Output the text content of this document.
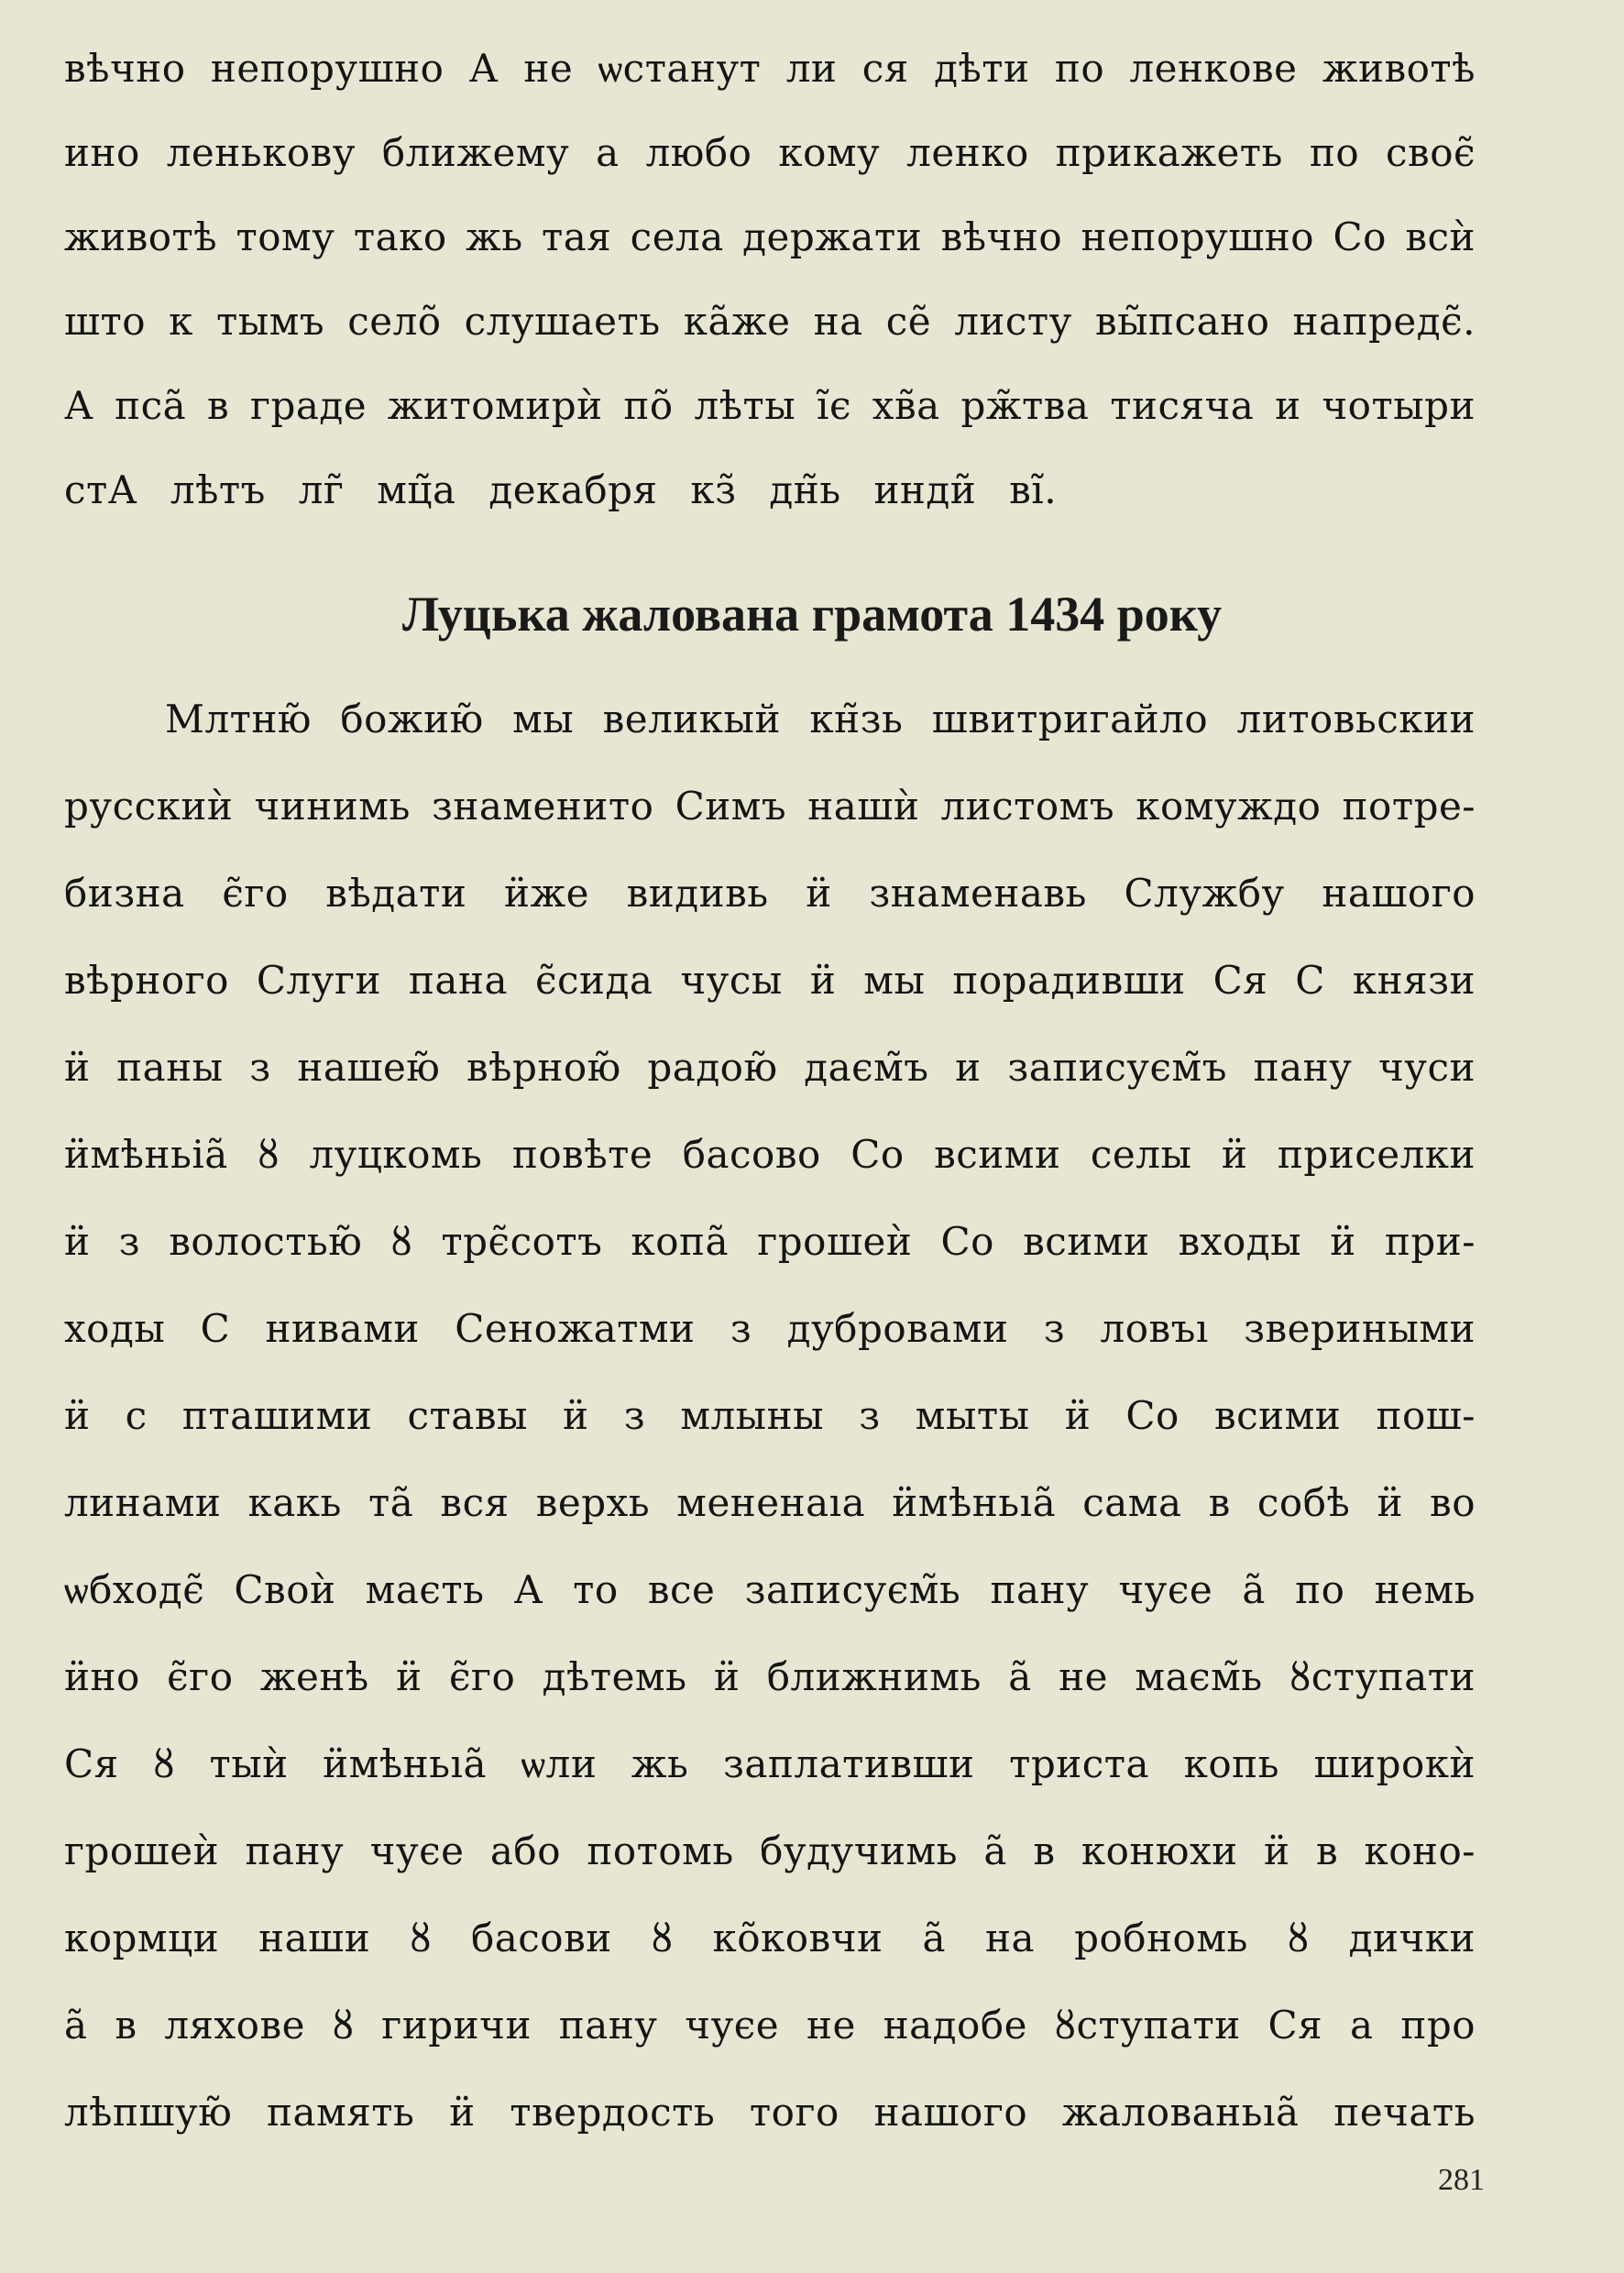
вѣчно непорушно А не ѡстанут ли ся дѣти по ленкове животѣ
ино ленькову ближему а любо кому ленко прикажеть по своє̃
животѣ тому тако жь тая села держати вѣчно непорушно Со всѝ
што к тымъ село̃ слушаеть ка̃же на се̃ листу вы̃псано напредє̃.
А пса̃ в граде житомирѝ по̃ лѣты і̃є хв̃а рж̃тва тисяча и чотыри
стА лѣтъ лг̃ мц̃а декабря кз̃ дн̃ь инди̃ ві̃.
Луцька жалована грамота 1434 року
Млтню̃ божию̃ мы великый кн̃зь швитригайло литовьскии
русскиѝ чинимь знаменито Симъ нашѝ листомъ комуждо потре-
бизна є̃го вѣдати ӥже видивь ӥ знаменавь Службу нашого
вѣрного Слуги пана є̃сида чусы ӥ мы порадивши Ся С князи
ӥ паны з нашею̃ вѣрною̃ радою̃ даєм̃ъ и записуєм̃ъ пану чуси
ӥмѣньіа̃ ȣ луцкомь повѣте басово Со всими селы ӥ приселки
ӥ з волостью̃ ȣ трє̃сотъ копа̃ грошеѝ Со всими входы ӥ при-
ходы С нивами Сеножатми з дубровами з ловъı звериными
ӥ с пташими ставы ӥ з млыны з мыты ӥ Со всими пош-
линами какь та̃ вся верхь мененаıа ӥмѣньıа̃ сама в собѣ ӥ во
ѡбходє̃ Своѝ маєть А то все записуєм̃ь пану чуєе а̃ по немь
ӥно є̃го женѣ ӥ є̃го дѣтемь ӥ ближнимь а̃ не маєм̃ь ȣступати
Ся ȣ тыѝ ӥмѣньıа̃ ѡли жь заплативши триста копь широкѝ
грошеѝ пану чуєе або потомь будучимь а̃ в конюхи ӥ в коно-
кормци наши ȣ басови ȣ ко̃ковчи а̃ на робномь ȣ дички
а̃ в ляхове ȣ гиричи пану чуєе не надобе ȣступати Ся а про
лѣпшую̃ память ӥ твердость того нашого жалованьıа̃ печать
281
